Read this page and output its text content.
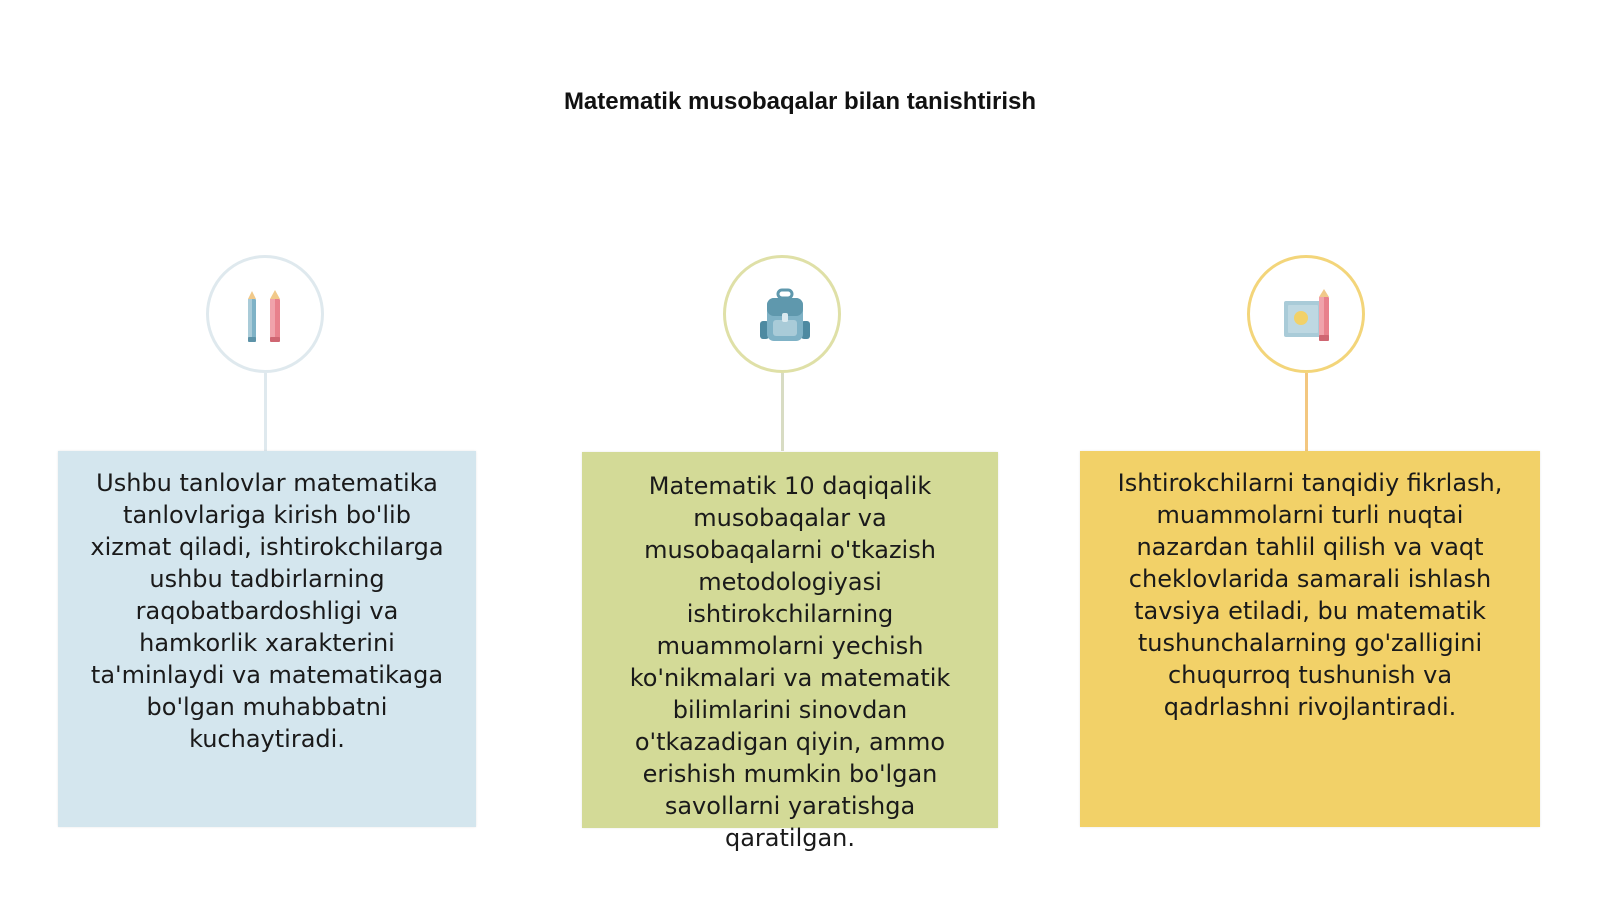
Matematik musobaqalar bilan tanishtirish
Ushbu tanlovlar matematika tanlovlariga kirish bo'lib xizmat qiladi, ishtirokchilarga ushbu tadbirlarning raqobatbardoshligi va hamkorlik xarakterini ta'minlaydi va matematikaga bo'lgan muhabbatni kuchaytiradi.
Matematik 10 daqiqalik musobaqalar va musobaqalarni o'tkazish metodologiyasi ishtirokchilarning muammolarni yechish ko'nikmalari va matematik bilimlarini sinovdan o'tkazadigan qiyin, ammo erishish mumkin bo'lgan savollarni yaratishga qaratilgan.
Ishtirokchilarni tanqidiy fikrlash, muammolarni turli nuqtai nazardan tahlil qilish va vaqt cheklovlarida samarali ishlash tavsiya etiladi, bu matematik tushunchalarning go'zalligini chuqurroq tushunish va qadrlashni rivojlantiradi.
